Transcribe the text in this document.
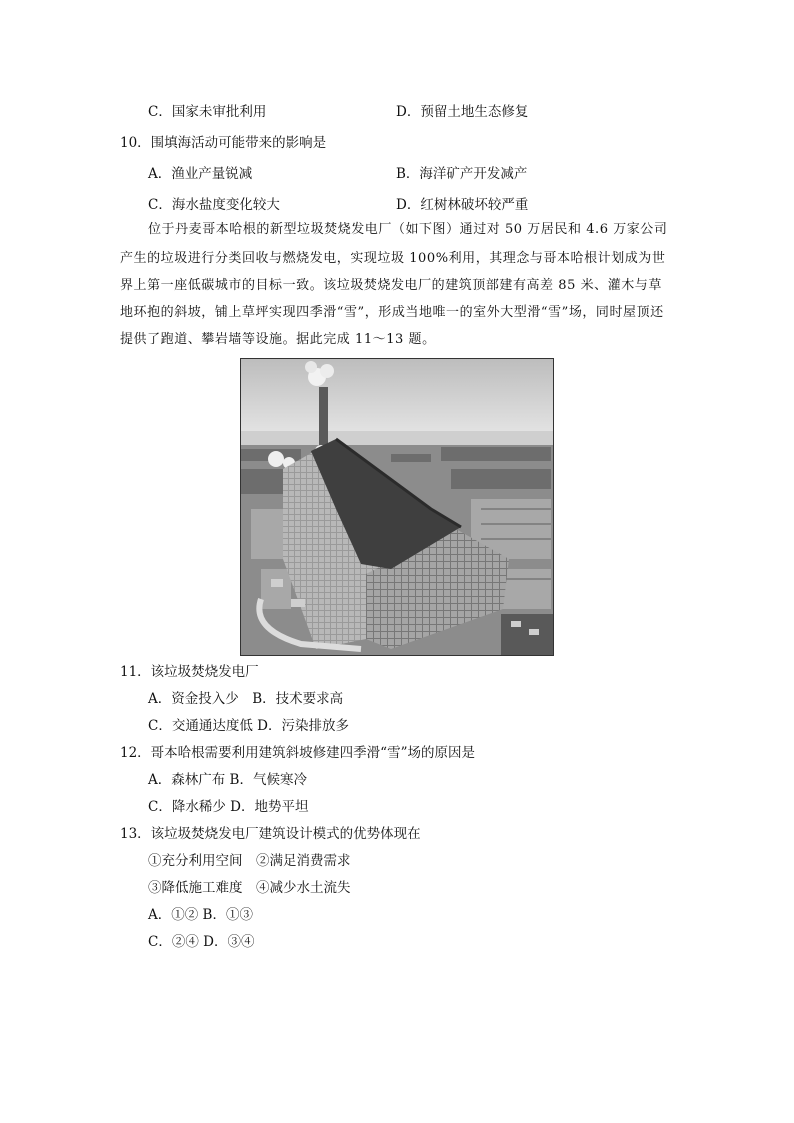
C．国家未审批利用	D．预留土地生态修复
10．围填海活动可能带来的影响是
A．渔业产量锐减	B．海洋矿产开发减产
C．海水盐度变化较大	D．红树林破坏较严重
位于丹麦哥本哈根的新型垃圾焚烧发电厂（如下图）通过对 50 万居民和 4.6 万家公司
产生的垃圾进行分类回收与燃烧发电，实现垃圾 100%利用，其理念与哥本哈根计划成为世
界上第一座低碳城市的目标一致。该垃圾焚烧发电厂的建筑顶部建有高差 85 米、灌木与草
地环抱的斜坡，铺上草坪实现四季滑“雪”，形成当地唯一的室外大型滑“雪”场，同时屋顶还
提供了跑道、攀岩墙等设施。据此完成 11～13 题。
11．该垃圾焚烧发电厂
A．资金投入少　B．技术要求高
C．交通通达度低 D．污染排放多
12．哥本哈根需要利用建筑斜坡修建四季滑“雪”场的原因是
A．森林广布 B．气候寒冷
C．降水稀少 D．地势平坦
13．该垃圾焚烧发电厂建筑设计模式的优势体现在
①充分利用空间　②满足消费需求
③降低施工难度　④减少水土流失
A．①② B．①③
C．②④ D．③④
